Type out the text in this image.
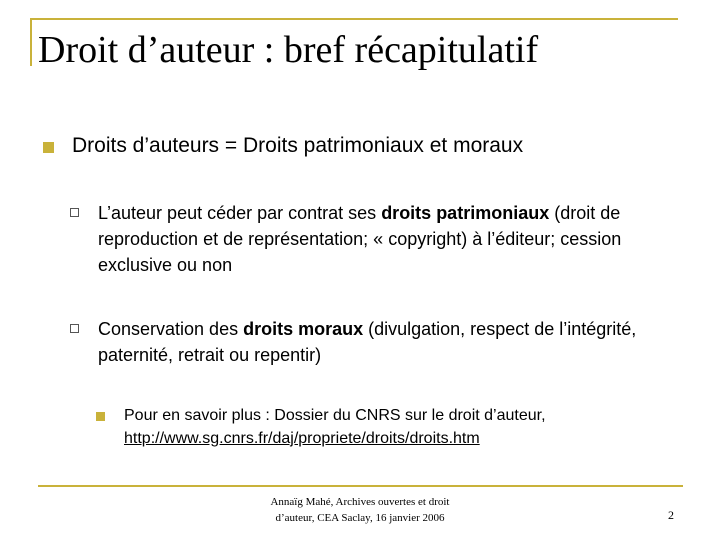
Droit d’auteur : bref récapitulatif
Droits d’auteurs = Droits patrimoniaux et moraux
L’auteur peut céder par contrat ses droits patrimoniaux (droit de reproduction et de représentation; « copyright) à l’éditeur; cession exclusive ou non
Conservation des droits moraux (divulgation, respect de l’intégrité, paternité, retrait ou repentir)
Pour en savoir plus : Dossier du CNRS sur le droit d’auteur,
http://www.sg.cnrs.fr/daj/propriete/droits/droits.htm
Annaïg Mahé, Archives ouvertes et droit
d’auteur, CEA Saclay, 16 janvier 2006	2
